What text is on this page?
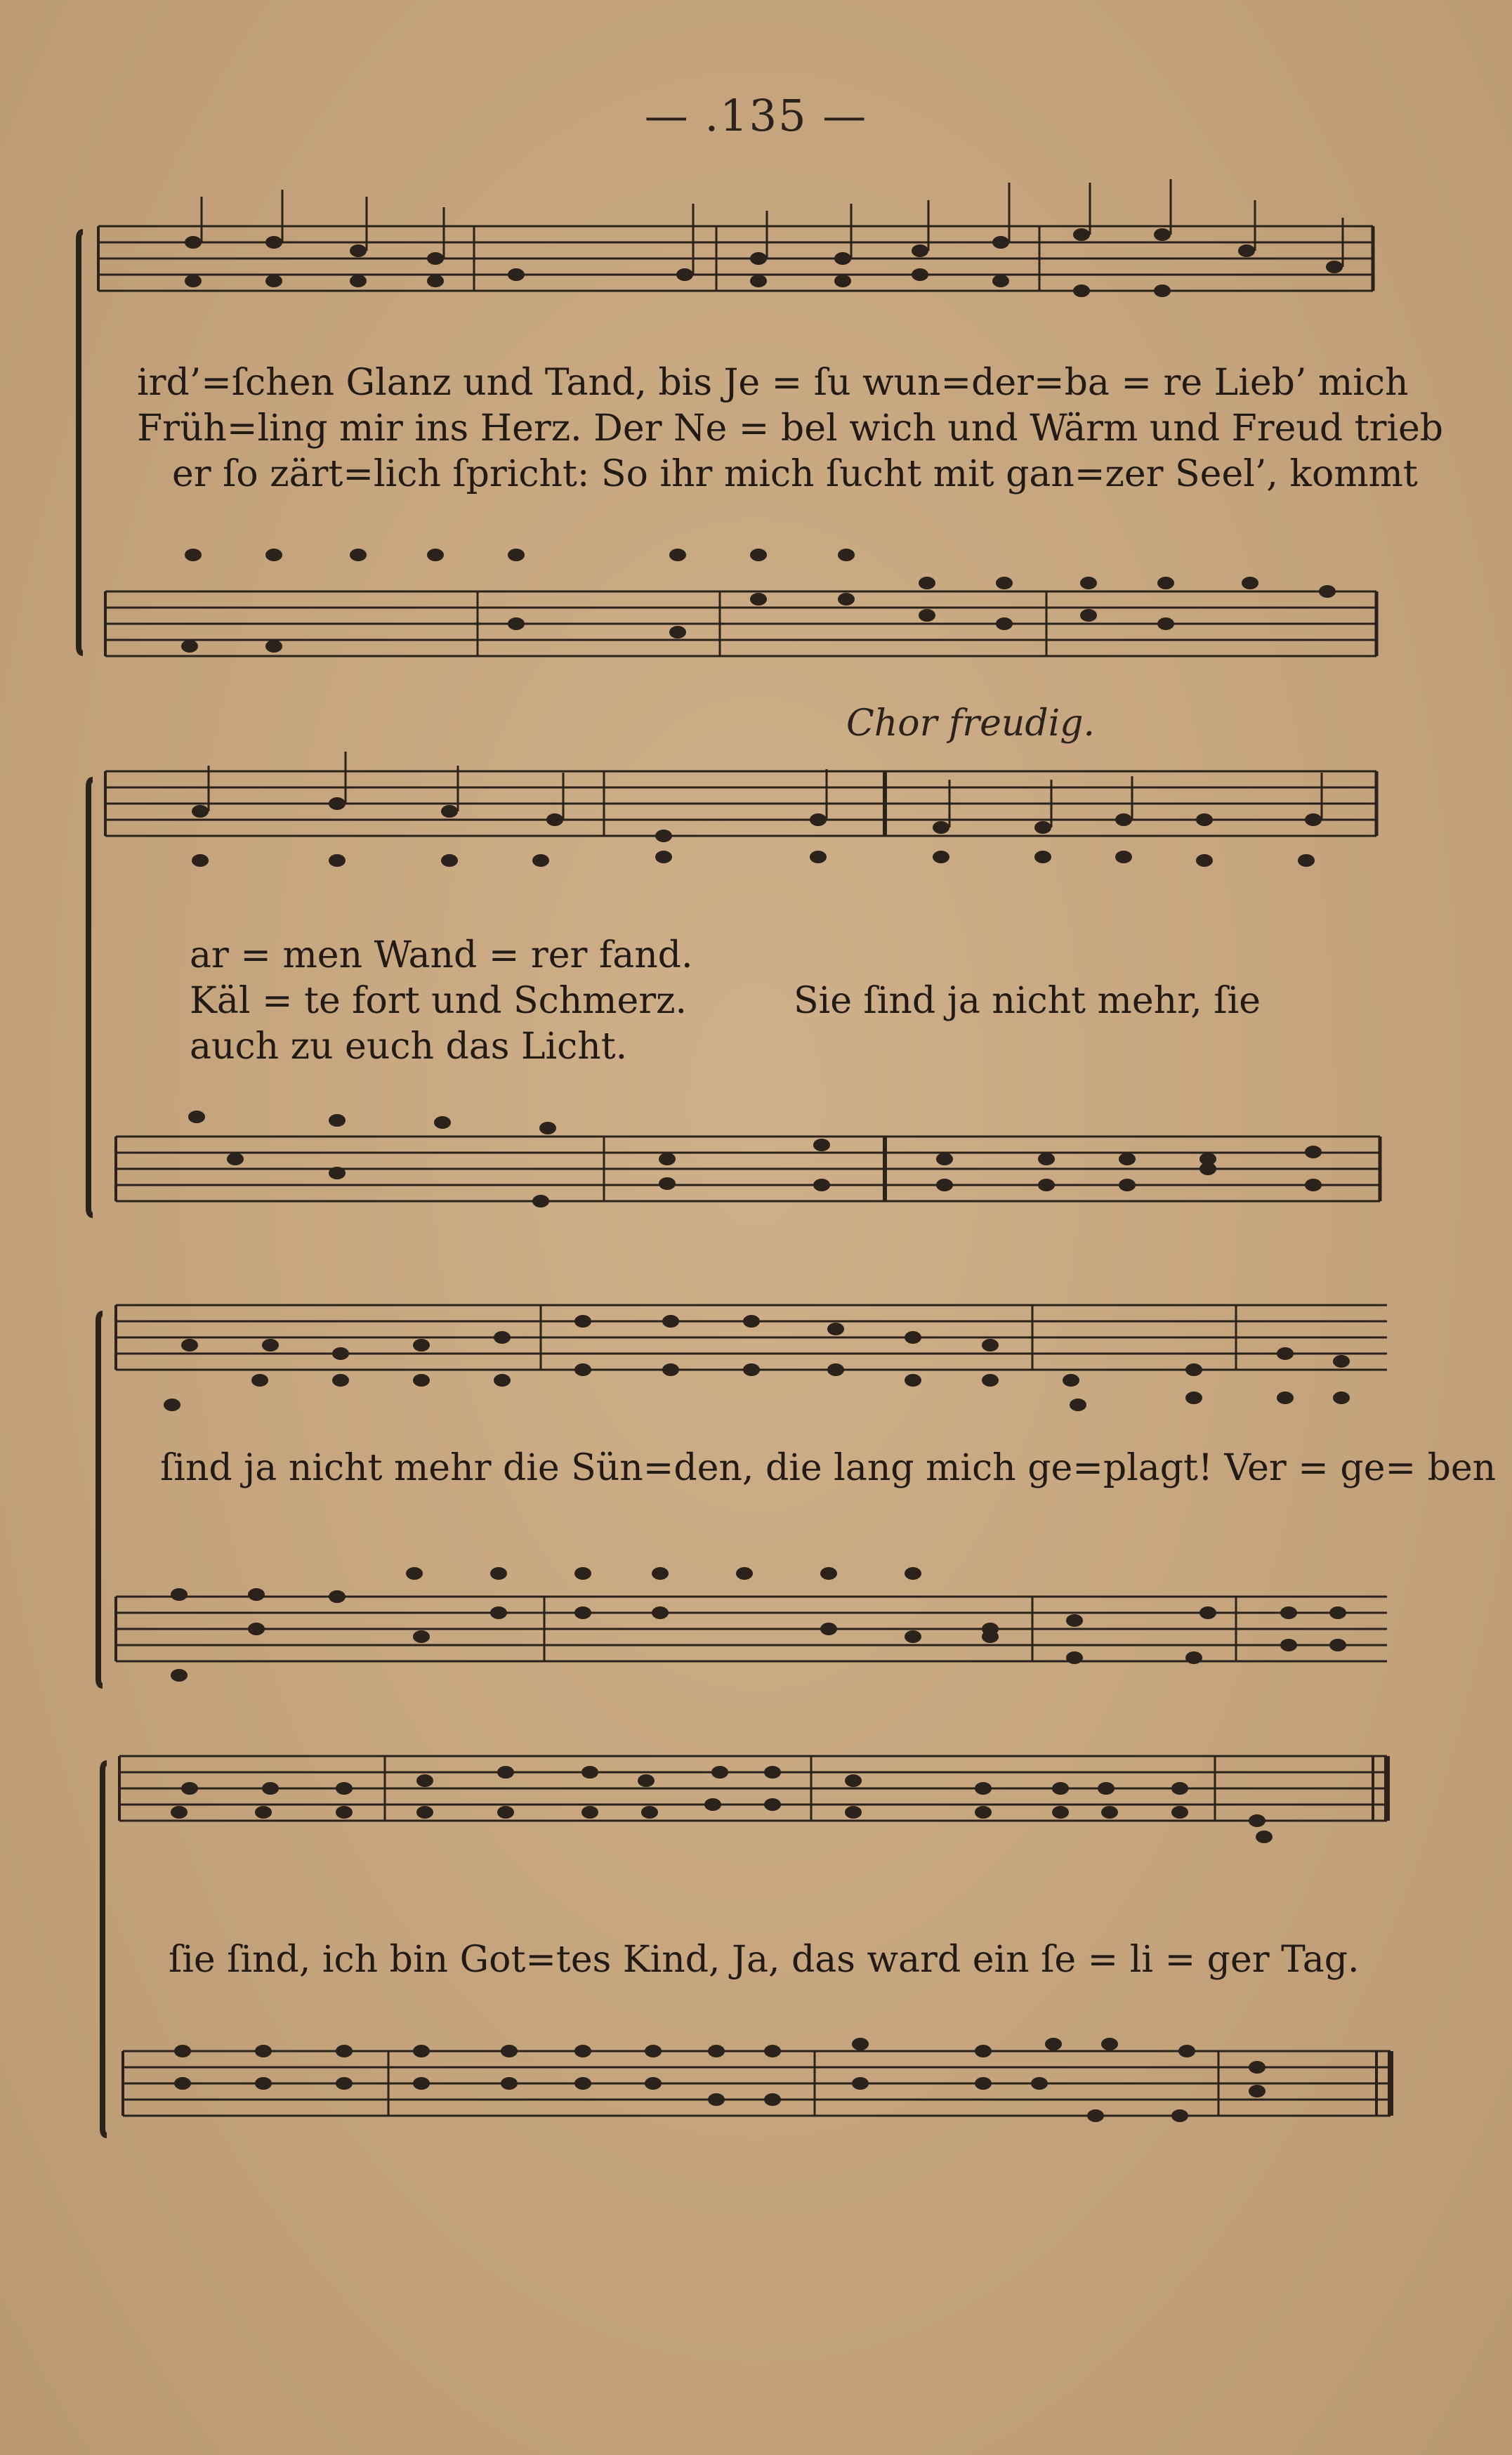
— .135 —
ird’=ſchen Glanz und Tand, bis Je = ſu wun=der=ba = re Lieb’ mich
Früh=ling mir ins Herz. Der Ne = bel wich und Wärm und Freud trieb
er ſo zärt=lich ſpricht: So ihr mich ſucht mit gan=zer Seel’, kommt
Chor freudig.
ar = men Wand = rer fand.
Käl = te fort und Schmerz.
auch zu euch das Licht.
Sie ſind ja nicht mehr, ſie
ſind ja nicht mehr die Sün=den, die lang mich ge=plagt! Ver = ge= ben
ſie ſind, ich bin Got=tes Kind, Ja, das ward ein ſe = li = ger Tag.
